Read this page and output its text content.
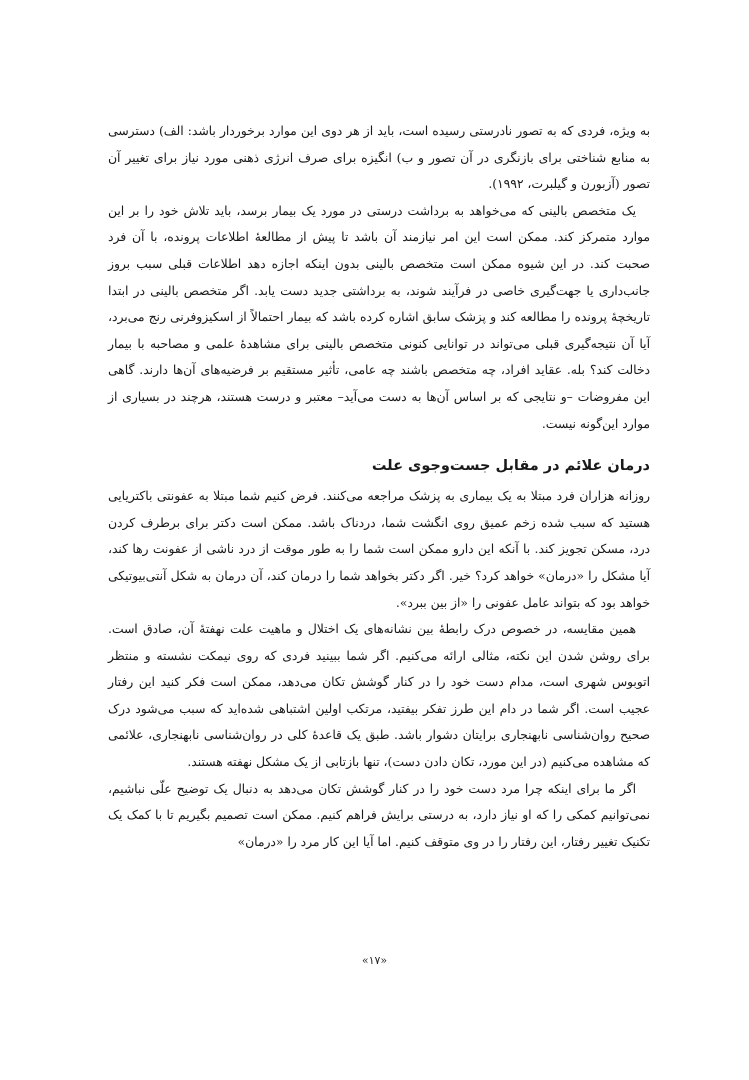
به ویژه، فردی که به تصور نادرستی رسیده است، باید از هر دوی این موارد برخوردار باشد: الف) دسترسی به منابع شناختی برای بازنگری در آن تصور و ب) انگیزه برای صرف انرژی ذهنی مورد نیاز برای تغییر آن تصور (آزبورن و گیلبرت، ۱۹۹۲).

یک متخصص بالینی که می‌خواهد به برداشت درستی در مورد یک بیمار برسد، باید تلاش خود را بر این موارد متمرکز کند. ممکن است این امر نیازمند آن باشد تا پیش از مطالعهٔ اطلاعات پرونده، با آن فرد صحبت کند. در این شیوه ممکن است متخصص بالینی بدون اینکه اجازه دهد اطلاعات قبلی سبب بروز جانب‌داری یا جهت‌گیری خاصی در فرآیند شوند، به برداشتی جدید دست یابد. اگر متخصص بالینی در ابتدا تاریخچهٔ پرونده را مطالعه کند و پزشک سابق اشاره کرده باشد که بیمار احتمالاً از اسکیزوفرنی رنج می‌برد، آیا آن نتیجه‌گیری قبلی می‌تواند در توانایی کنونی متخصص بالینی برای مشاهدهٔ علمی و مصاحبه با بیمار دخالت کند؟ بله. عقاید افراد، چه متخصص باشند چه عامی، تأثیر مستقیم بر فرضیه‌های آن‌ها دارند. گاهی این مفروضات –و نتایجی که بر اساس آن‌ها به دست می‌آید– معتبر و درست هستند، هرچند در بسیاری از موارد این‌گونه نیست.

درمان علائم در مقابل جست‌وجوی علت

روزانه هزاران فرد مبتلا به یک بیماری به پزشک مراجعه می‌کنند. فرض کنیم شما مبتلا به عفونتی باکتریایی هستید که سبب شده زخم عمیق روی انگشت شما، دردناک باشد. ممکن است دکتر برای برطرف کردن درد، مسکن تجویز کند. با آنکه این دارو ممکن است شما را به طور موقت از درد ناشی از عفونت رها کند، آیا مشکل را «درمان» خواهد کرد؟ خیر. اگر دکتر بخواهد شما را درمان کند، آن درمان به شکل آنتی‌بیوتیکی خواهد بود که بتواند عامل عفونی را «از بین ببرد».

همین مقایسه، در خصوص درک رابطهٔ بین نشانه‌های یک اختلال و ماهیت علت نهفتهٔ آن، صادق است. برای روشن شدن این نکته، مثالی ارائه می‌کنیم. اگر شما ببینید فردی که روی نیمکت نشسته و منتظر اتوبوس شهری است، مدام دست خود را در کنار گوشش تکان می‌دهد، ممکن است فکر کنید این رفتار عجیب است. اگر شما در دام این طرز تفکر بیفتید، مرتکب اولین اشتباهی شده‌اید که سبب می‌شود درک صحیح روان‌شناسی نابهنجاری برایتان دشوار باشد. طبق یک قاعدهٔ کلی در روان‌شناسی نابهنجاری، علائمی که مشاهده می‌کنیم (در این مورد، تکان دادن دست)، تنها بازتابی از یک مشکل نهفته هستند.

اگر ما برای اینکه چرا مرد دست خود را در کنار گوشش تکان می‌دهد به دنبال یک توضیح علّی نباشیم، نمی‌توانیم کمکی را که او نیاز دارد، به درستی برایش فراهم کنیم. ممکن است تصمیم بگیریم تا با کمک یک تکنیک تغییر رفتار، این رفتار را در وی متوقف کنیم. اما آیا این کار مرد را «درمان»

«۱۷»
